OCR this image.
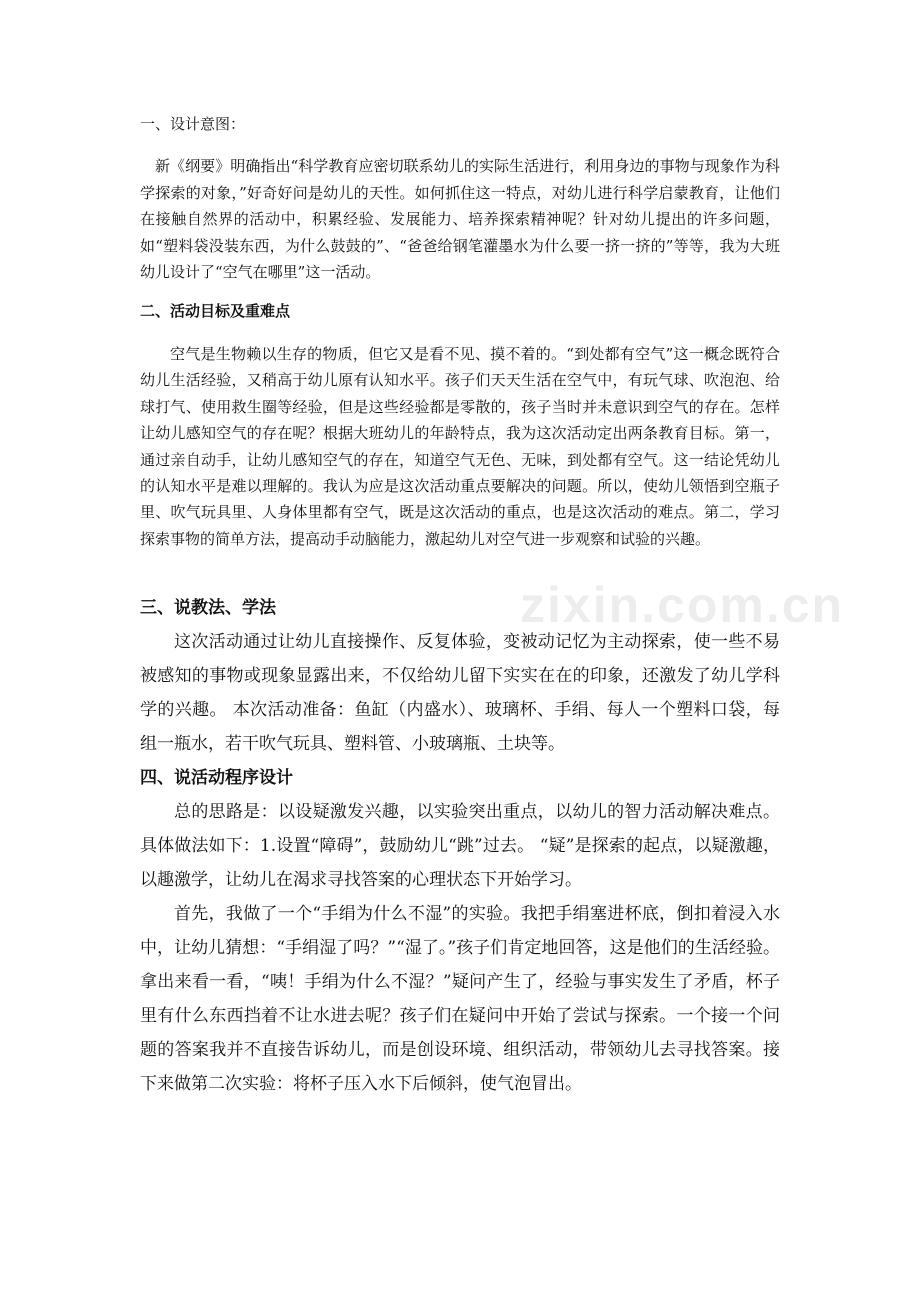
一、设计意图：

新《纲要》明确指出“科学教育应密切联系幼儿的实际生活进行，利用身边的事物与现象作为科学探索的对象，”好奇好问是幼儿的天性。如何抓住这一特点，对幼儿进行科学启蒙教育，让他们在接触自然界的活动中，积累经验、发展能力、培养探索精神呢？针对幼儿提出的许多问题，如“塑料袋没装东西，为什么鼓鼓的”、“爸爸给钢笔灌墨水为什么要一挤一挤的”等等，我为大班幼儿设计了“空气在哪里”这一活动。

二、活动目标及重难点

空气是生物赖以生存的物质，但它又是看不见、摸不着的。“到处都有空气”这一概念既符合幼儿生活经验，又稍高于幼儿原有认知水平。孩子们天天生活在空气中，有玩气球、吹泡泡、给球打气、使用救生圈等经验，但是这些经验都是零散的，孩子当时并未意识到空气的存在。怎样让幼儿感知空气的存在呢？根据大班幼儿的年龄特点，我为这次活动定出两条教育目标。第一，通过亲自动手，让幼儿感知空气的存在，知道空气无色、无味，到处都有空气。这一结论凭幼儿的认知水平是难以理解的。我认为应是这次活动重点要解决的问题。所以，使幼儿领悟到空瓶子里、吹气玩具里、人身体里都有空气，既是这次活动的重点，也是这次活动的难点。第二，学习探索事物的简单方法，提高动手动脑能力，激起幼儿对空气进一步观察和试验的兴趣。

三、说教法、学法

这次活动通过让幼儿直接操作、反复体验，变被动记忆为主动探索，使一些不易被感知的事物或现象显露出来，不仅给幼儿留下实实在在的印象，还激发了幼儿学科学的兴趣。 本次活动准备：鱼缸（内盛水）、玻璃杯、手绢、每人一个塑料口袋，每组一瓶水，若干吹气玩具、塑料管、小玻璃瓶、土块等。

四、说活动程序设计

总的思路是：以设疑激发兴趣，以实验突出重点，以幼儿的智力活动解决难点。具体做法如下：1.设置“障碍”，鼓励幼儿“跳”过去。 “疑”是探索的起点，以疑激趣，以趣激学，让幼儿在渴求寻找答案的心理状态下开始学习。

首先，我做了一个“手绢为什么不湿”的实验。我把手绢塞进杯底，倒扣着浸入水中，让幼儿猜想：“手绢湿了吗？”“湿了。”孩子们肯定地回答，这是他们的生活经验。拿出来看一看，“咦！手绢为什么不湿？”疑问产生了，经验与事实发生了矛盾，杯子里有什么东西挡着不让水进去呢？孩子们在疑问中开始了尝试与探索。一个接一个问题的答案我并不直接告诉幼儿，而是创设环境、组织活动，带领幼儿去寻找答案。接下来做第二次实验：将杯子压入水下后倾斜，使气泡冒出。

zixin.com.cn
